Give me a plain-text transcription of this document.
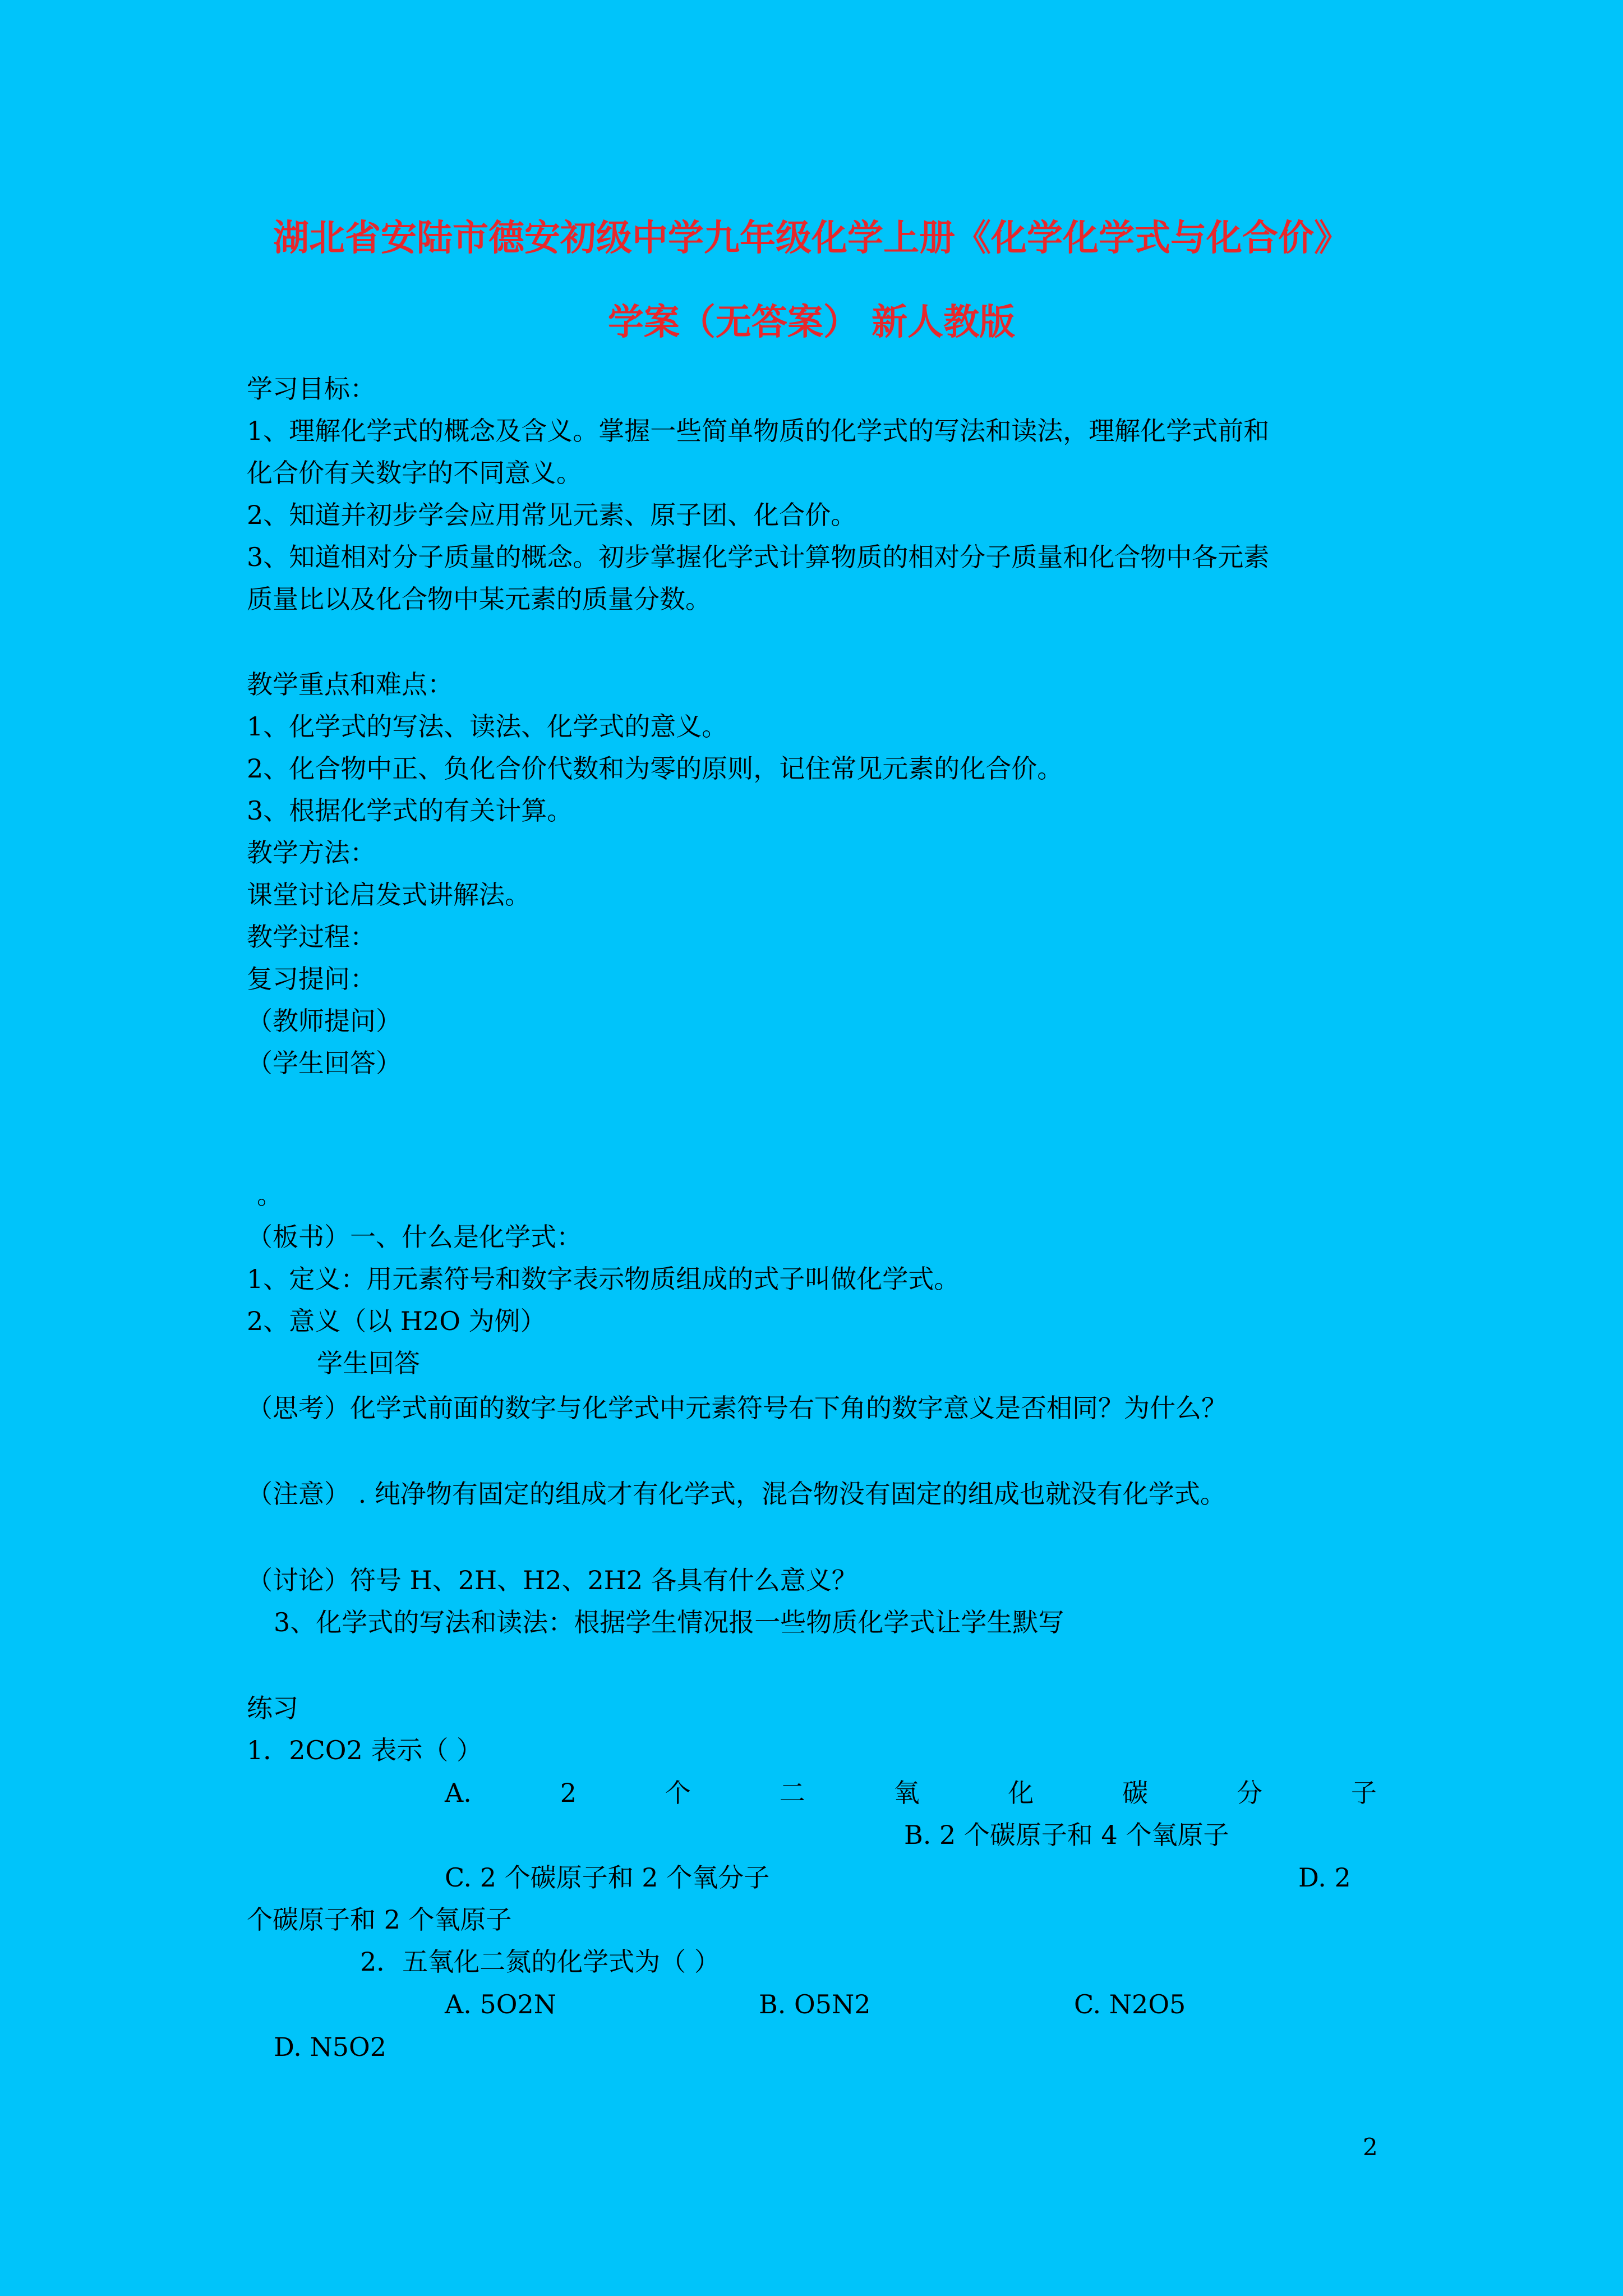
湖北省安陆市德安初级中学九年级化学上册《化学化学式与化合价》
学案（无答案） 新人教版
学习目标：
1、理解化学式的概念及含义。掌握一些简单物质的化学式的写法和读法，理解化学式前和
化合价有关数字的不同意义。
2、知道并初步学会应用常见元素、原子团、化合价。
3、知道相对分子质量的概念。初步掌握化学式计算物质的相对分子质量和化合物中各元素
质量比以及化合物中某元素的质量分数。
教学重点和难点：
1、化学式的写法、读法、化学式的意义。
2、化合物中正、负化合价代数和为零的原则，记住常见元素的化合价。
3、根据化学式的有关计算。
教学方法：
课堂讨论启发式讲解法。
教学过程：
复习提问：
（教师提问）
（学生回答）
。
（板书）一、什么是化学式：
1、定义：用元素符号和数字表示物质组成的式子叫做化学式。
2、意义（以 H2O 为例）
学生回答
（思考）化学式前面的数字与化学式中元素符号右下角的数字意义是否相同？为什么？
（注意） . 纯净物有固定的组成才有化学式，混合物没有固定的组成也就没有化学式。
（讨论）符号 H、2H、H2、2H2 各具有什么意义？
3、化学式的写法和读法：根据学生情况报一些物质化学式让学生默写
练习
1．2CO2 表示（ ）
A.	2	个	二	氧	化	碳	分	子
B. 2 个碳原子和 4 个氧原子
C. 2 个碳原子和 2 个氧分子	D. 2
个碳原子和 2 个氧原子
2．五氧化二氮的化学式为（ ）
A. 5O2N	B. O5N2	C. N2O5
D. N5O2
2
